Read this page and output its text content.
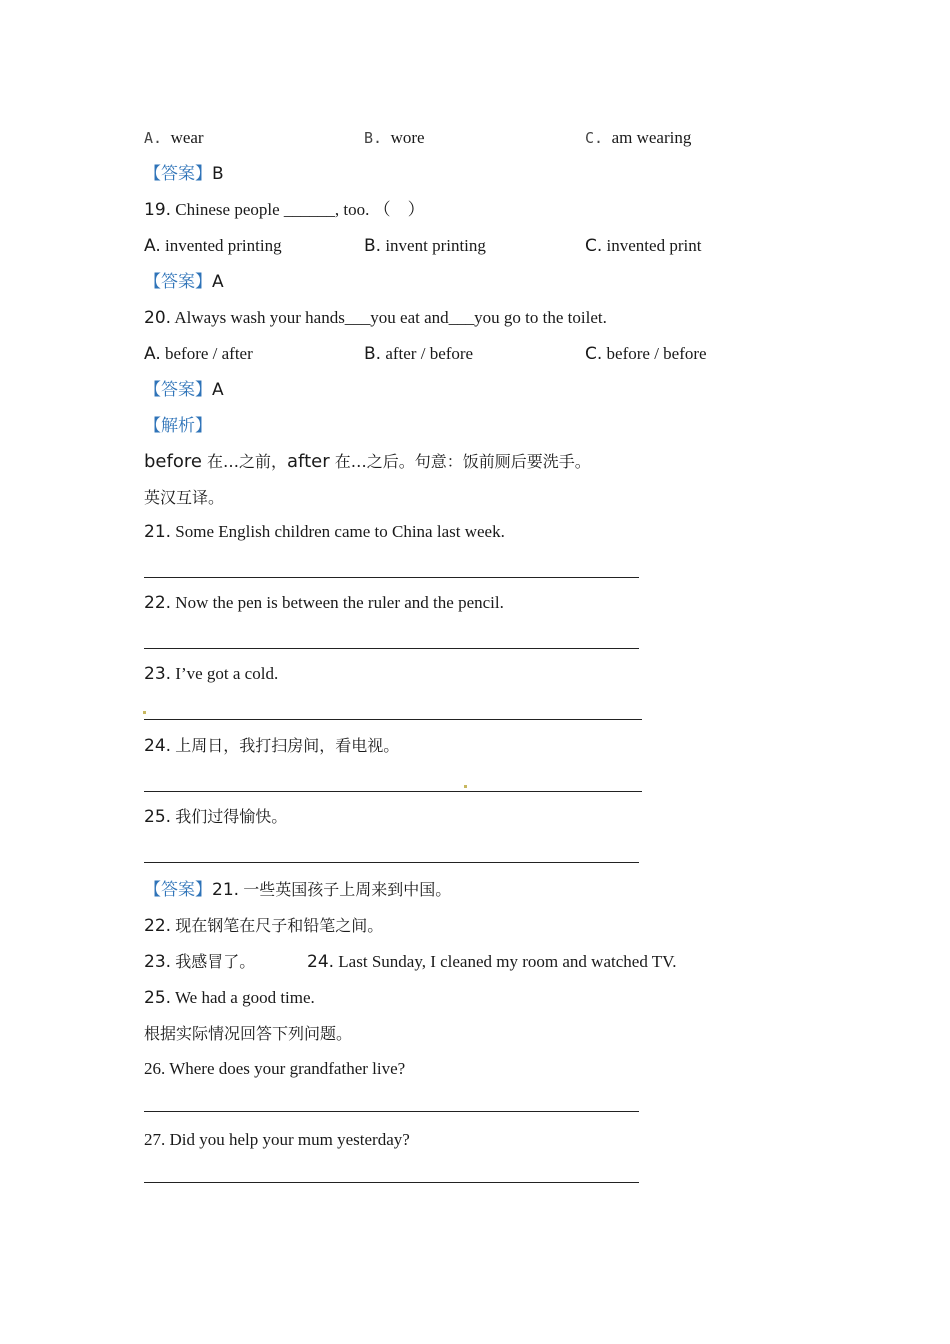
A. wear	B. wore	C. am wearing
【答案】B
19. Chinese people ______, too. （　）
A. invented printing	B. invent printing	C. invented print
【答案】A
20. Always wash your hands___you eat and___you go to the toilet.
A. before / after	B. after / before	C. before / before
【答案】A
【解析】
before 在…之前，after 在…之后。句意：饭前厕后要洗手。
英汉互译。
21. Some English children came to China last week.
22. Now the pen is between the ruler and the pencil.
23. I’ve got a cold.
24. 上周日，我打扫房间，看电视。
25. 我们过得愉快。
【答案】21. 一些英国孩子上周来到中国。
22. 现在钢笔在尺子和铅笔之间。
23. 我感冒了。	24. Last Sunday, I cleaned my room and watched TV.
25. We had a good time.
根据实际情况回答下列问题。
26. Where does your grandfather live?
27. Did you help your mum yesterday?
